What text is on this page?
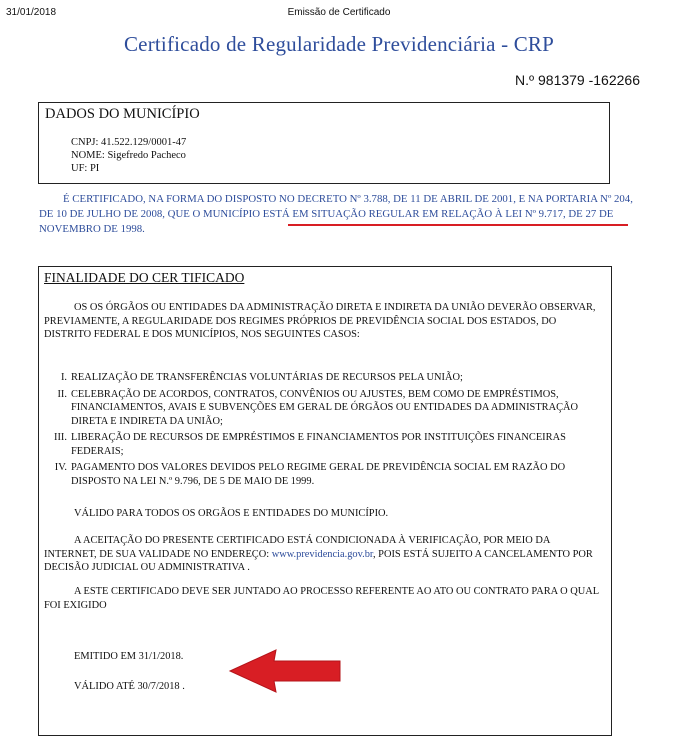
31/01/2018	Emissão de Certificado
Certificado de Regularidade Previdenciária - CRP
N.º 981379 -162266
DADOS DO MUNICÍPIO
CNPJ: 41.522.129/0001-47
NOME: Sigefredo Pacheco
UF: PI
É CERTIFICADO, NA FORMA DO DISPOSTO NO DECRETO Nº 3.788, DE 11 DE ABRIL DE 2001, E NA PORTARIA Nº 204, DE 10 DE JULHO DE 2008, QUE O MUNICÍPIO ESTÁ EM SITUAÇÃO REGULAR EM RELAÇÃO À LEI Nº 9.717, DE 27 DE NOVEMBRO DE 1998.
FINALIDADE DO CER TIFICADO
OS OS ÓRGÃOS OU ENTIDADES DA ADMINISTRAÇÃO DIRETA E INDIRETA DA UNIÃO DEVERÃO OBSERVAR, PREVIAMENTE, A REGULARIDADE DOS REGIMES PRÓPRIOS DE PREVIDÊNCIA SOCIAL DOS ESTADOS, DO DISTRITO FEDERAL E DOS MUNICÍPIOS, NOS SEGUINTES CASOS:
I. REALIZAÇÃO DE TRANSFERÊNCIAS VOLUNTÁRIAS DE RECURSOS PELA UNIÃO;
II. CELEBRAÇÃO DE ACORDOS, CONTRATOS, CONVÊNIOS OU AJUSTES, BEM COMO DE EMPRÉSTIMOS, FINANCIAMENTOS, AVAIS E SUBVENÇÕES EM GERAL DE ÓRGÃOS OU ENTIDADES DA ADMINISTRAÇÃO DIRETA E INDIRETA DA UNIÃO;
III. LIBERAÇÃO DE RECURSOS DE EMPRÉSTIMOS E FINANCIAMENTOS POR INSTITUIÇÕES FINANCEIRAS FEDERAIS;
IV. PAGAMENTO DOS VALORES DEVIDOS PELO REGIME GERAL DE PREVIDÊNCIA SOCIAL EM RAZÃO DO DISPOSTO NA LEI N.º 9.796, DE 5 DE MAIO DE 1999.
VÁLIDO PARA TODOS OS ORGÃOS E ENTIDADES DO MUNICÍPIO.
A ACEITAÇÃO DO PRESENTE CERTIFICADO ESTÁ CONDICIONADA À VERIFICAÇÃO, POR MEIO DA INTERNET, DE SUA VALIDADE NO ENDEREÇO: www.previdencia.gov.br, POIS ESTÁ SUJEITO A CANCELAMENTO POR DECISÃO JUDICIAL OU ADMINISTRATIVA .
A ESTE CERTIFICADO DEVE SER JUNTADO AO PROCESSO REFERENTE AO ATO OU CONTRATO PARA O QUAL FOI EXIGIDO
EMITIDO EM 31/1/2018.
VÁLIDO ATÉ 30/7/2018 .
